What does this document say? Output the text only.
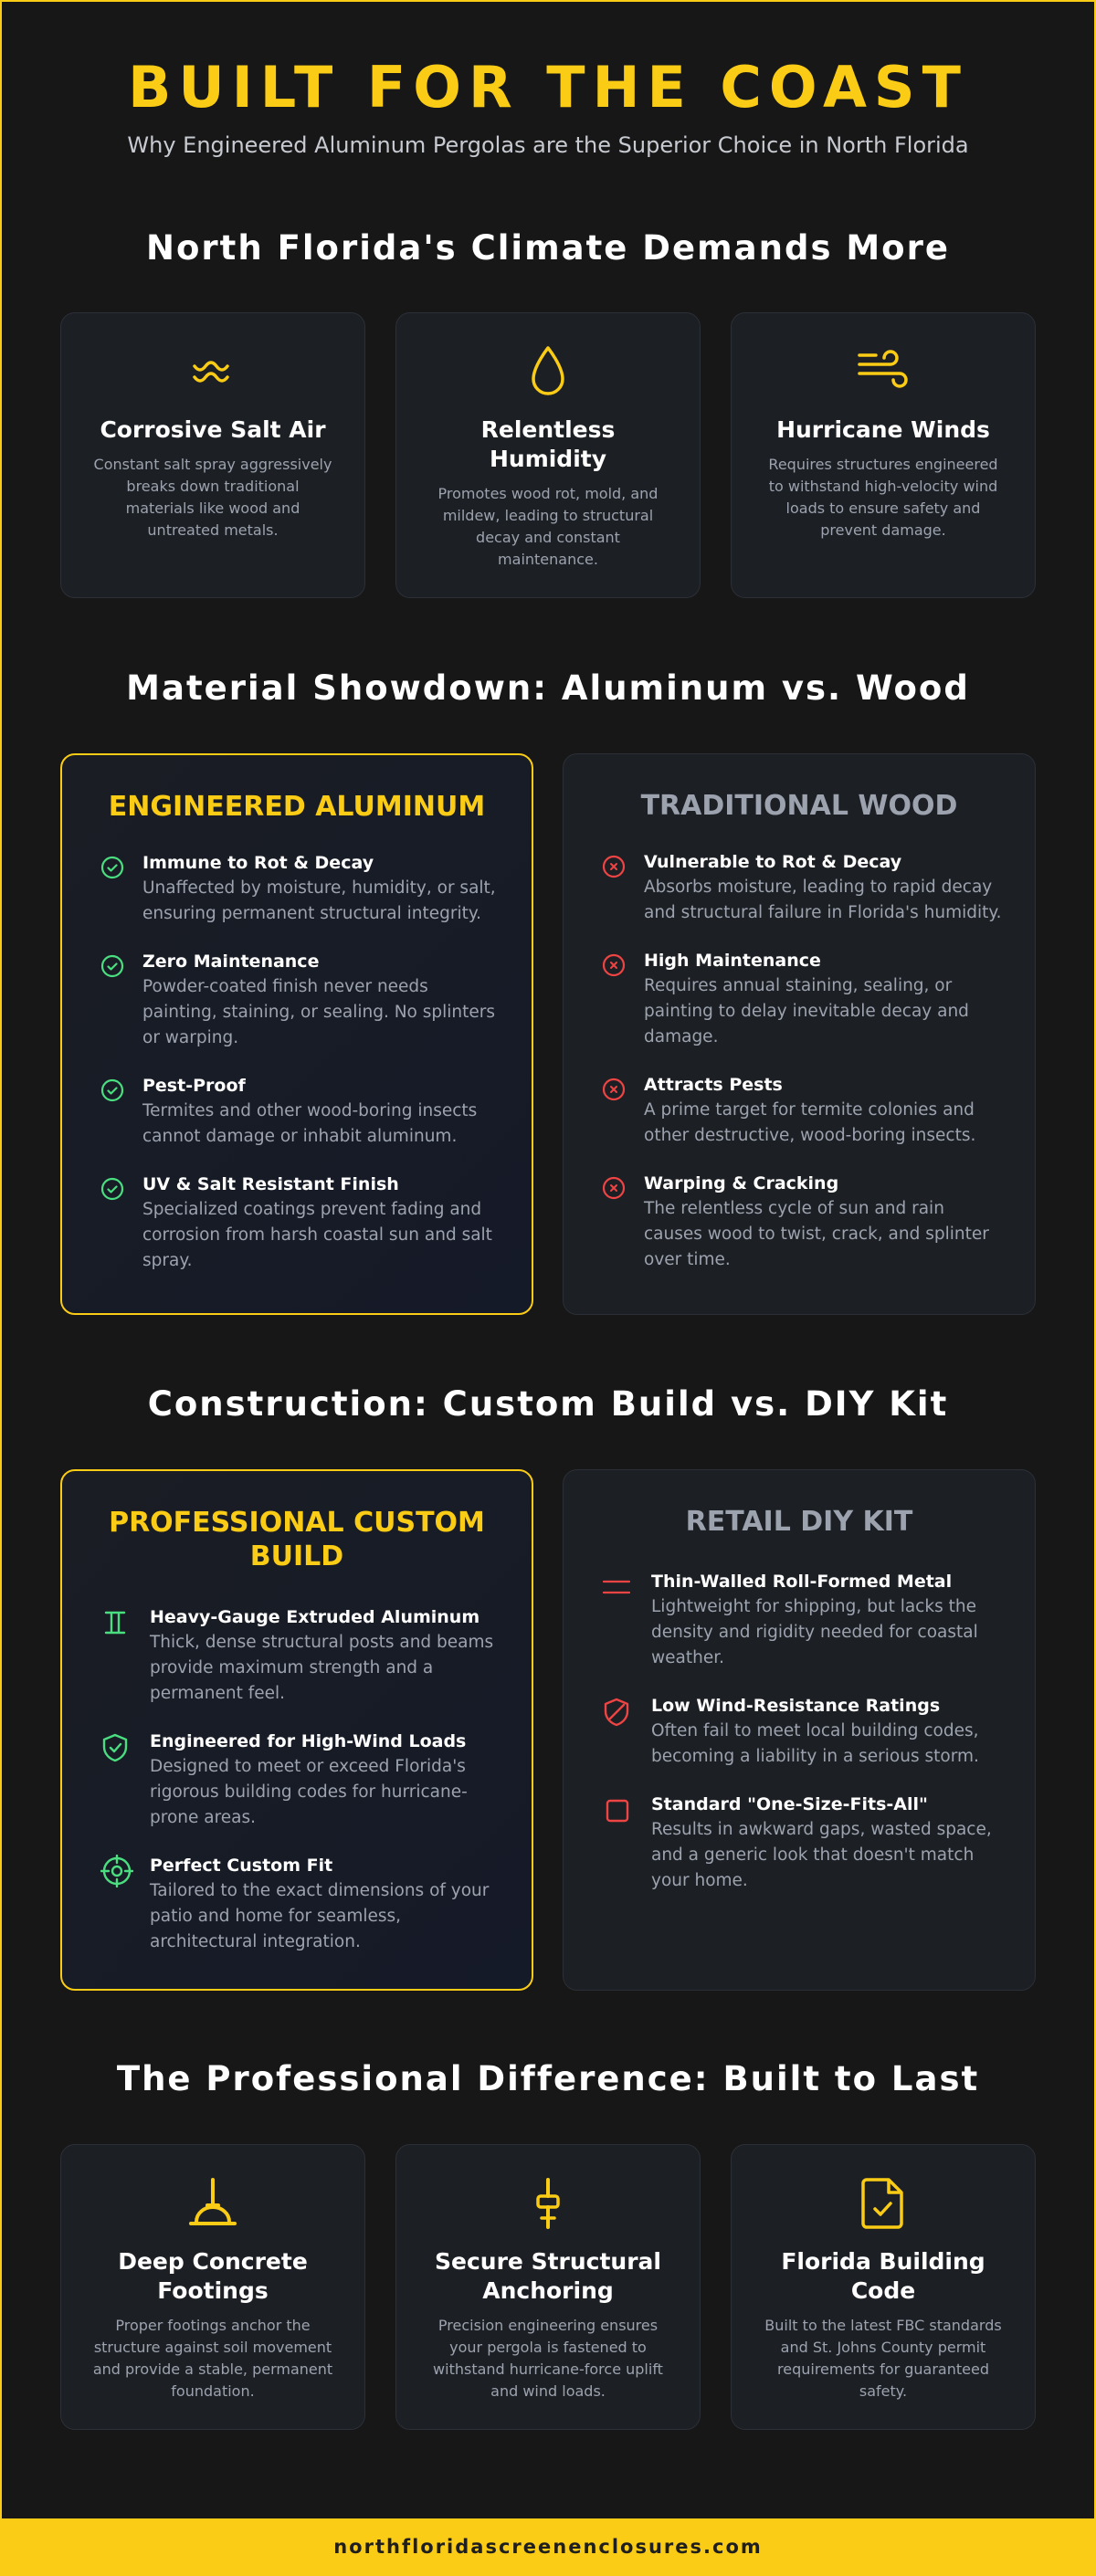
BUILT FOR THE COAST
Why Engineered Aluminum Pergolas are the Superior Choice in North Florida
North Florida's Climate Demands More
Corrosive Salt Air

Constant salt spray aggressively breaks down traditional materials like wood and untreated metals.

Relentless Humidity

Promotes wood rot, mold, and mildew, leading to structural decay and constant maintenance.

Hurricane Winds

Requires structures engineered to withstand high-velocity wind loads to ensure safety and prevent damage.

Material Showdown: Aluminum vs. Wood
ENGINEERED ALUMINUM
Immune to Rot & Decay
Unaffected by moisture, humidity, or salt, ensuring permanent structural integrity.
Zero Maintenance
Powder-coated finish never needs painting, staining, or sealing. No splinters or warping.
Pest-Proof
Termites and other wood-boring insects cannot damage or inhabit aluminum.
UV & Salt Resistant Finish
Specialized coatings prevent fading and corrosion from harsh coastal sun and salt spray.
TRADITIONAL WOOD
Vulnerable to Rot & Decay
Absorbs moisture, leading to rapid decay and structural failure in Florida's humidity.
High Maintenance
Requires annual staining, sealing, or painting to delay inevitable decay and damage.
Attracts Pests
A prime target for termite colonies and other destructive, wood-boring insects.
Warping & Cracking
The relentless cycle of sun and rain causes wood to twist, crack, and splinter over time.
Construction: Custom Build vs. DIY Kit
PROFESSIONAL CUSTOM BUILD
Heavy-Gauge Extruded Aluminum
Thick, dense structural posts and beams provide maximum strength and a permanent feel.
Engineered for High-Wind Loads
Designed to meet or exceed Florida's rigorous building codes for hurricane-prone areas.
Perfect Custom Fit
Tailored to the exact dimensions of your patio and home for seamless, architectural integration.
RETAIL DIY KIT
Thin-Walled Roll-Formed Metal
Lightweight for shipping, but lacks the density and rigidity needed for coastal weather.
Low Wind-Resistance Ratings
Often fail to meet local building codes, becoming a liability in a serious storm.
Standard "One-Size-Fits-All"
Results in awkward gaps, wasted space, and a generic look that doesn't match your home.
The Professional Difference: Built to Last
Deep Concrete Footings

Proper footings anchor the structure against soil movement and provide a stable, permanent foundation.

Secure Structural Anchoring

Precision engineering ensures your pergola is fastened to withstand hurricane-force uplift and wind loads.

Florida Building Code

Built to the latest FBC standards and St. Johns County permit requirements for guaranteed safety.

northfloridascreenenclosures.com
